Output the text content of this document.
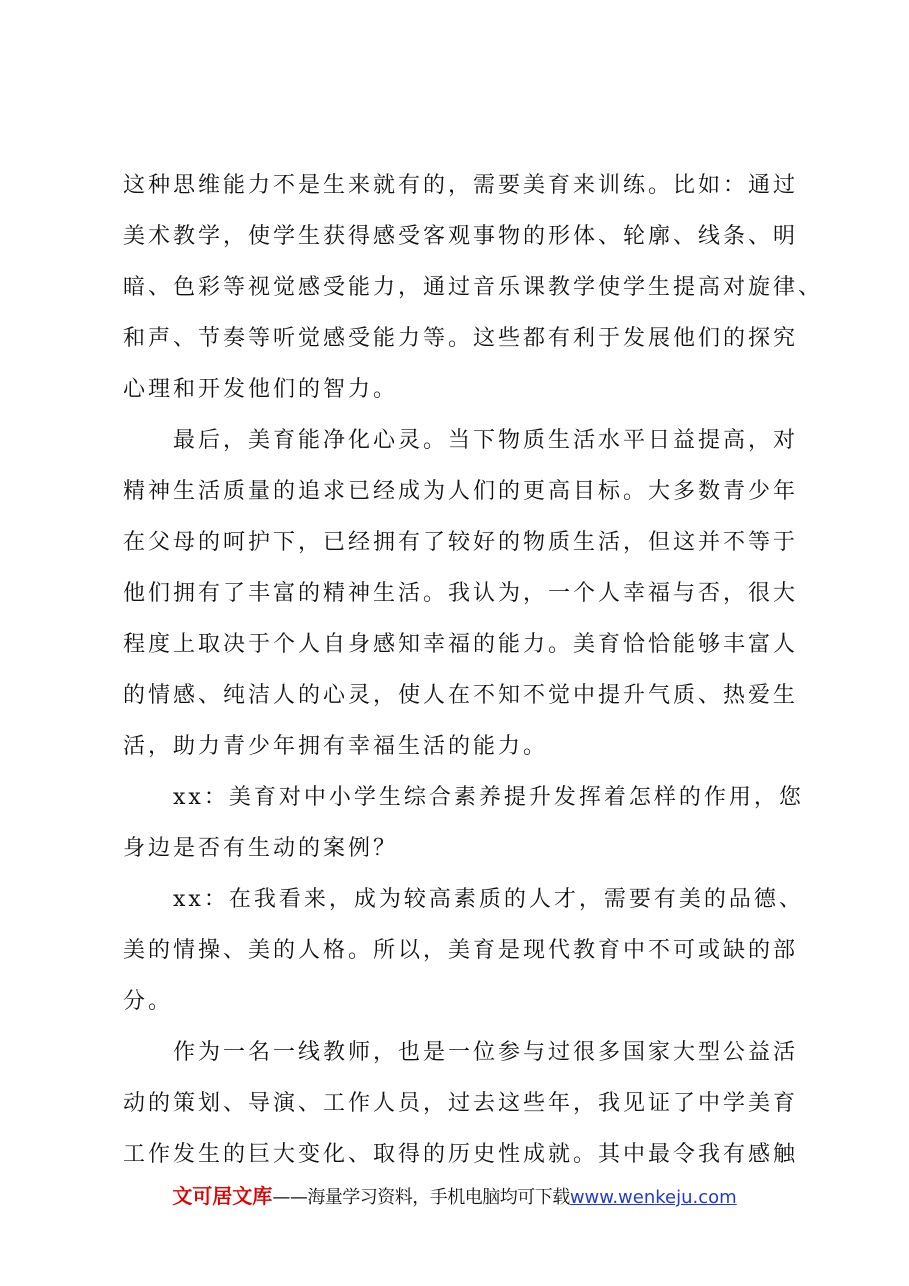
这种思维能力不是生来就有的，需要美育来训练。比如：通过
美术教学，使学生获得感受客观事物的形体、轮廓、线条、明
暗、色彩等视觉感受能力，通过音乐课教学使学生提高对旋律、
和声、节奏等听觉感受能力等。这些都有利于发展他们的探究
心理和开发他们的智力。
　　最后，美育能净化心灵。当下物质生活水平日益提高，对
精神生活质量的追求已经成为人们的更高目标。大多数青少年
在父母的呵护下，已经拥有了较好的物质生活，但这并不等于
他们拥有了丰富的精神生活。我认为，一个人幸福与否，很大
程度上取决于个人自身感知幸福的能力。美育恰恰能够丰富人
的情感、纯洁人的心灵，使人在不知不觉中提升气质、热爱生
活，助力青少年拥有幸福生活的能力。
　　xx：美育对中小学生综合素养提升发挥着怎样的作用，您
身边是否有生动的案例？
　　xx：在我看来，成为较高素质的人才，需要有美的品德、
美的情操、美的人格。所以，美育是现代教育中不可或缺的部
分。
　　作为一名一线教师，也是一位参与过很多国家大型公益活
动的策划、导演、工作人员，过去这些年，我见证了中学美育
工作发生的巨大变化、取得的历史性成就。其中最令我有感触
文可居文库——海量学习资料，手机电脑均可下载www.wenkeju.com
